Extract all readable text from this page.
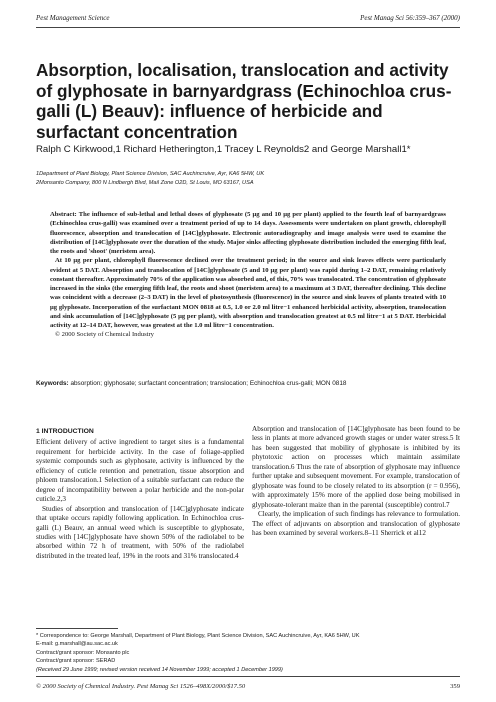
Pest Management Science	Pest Manag Sci 56:359–367 (2000)
Absorption, localisation, translocation and activity of glyphosate in barnyardgrass (Echinochloa crus-galli (L) Beauv): influence of herbicide and surfactant concentration
Ralph C Kirkwood,1 Richard Hetherington,1 Tracey L Reynolds2 and George Marshall1*
1Department of Plant Biology, Plant Science Division, SAC Auchincruive, Ayr, KA6 5HW, UK
2Monsanto Company, 800 N Lindbergh Blvd, Mail Zone O2D, St Louis, MO 63167, USA

Abstract: The influence of sub-lethal and lethal doses of glyphosate (5 μg and 10 μg per plant) applied to the fourth leaf of barnyardgrass (Echinochloa crus-galli) was examined over a treatment period of up to 14 days. Assessments were undertaken on plant growth, chlorophyll fluorescence, absorption and translocation of [14C]glyphosate. Electronic autoradiography and image analysis were used to examine the distribution of [14C]glyphosate over the duration of the study. Major sinks affecting glyphosate distribution included the emerging fifth leaf, the roots and 'shoot' (meristem area).

At 10 μg per plant, chlorophyll fluorescence declined over the treatment period; in the source and sink leaves effects were particularly evident at 5 DAT. Absorption and translocation of [14C]glyphosate (5 and 10 μg per plant) was rapid during 1–2 DAT, remaining relatively constant thereafter. Approximately 70% of the application was absorbed and, of this, 70% was translocated. The concentration of glyphosate increased in the sinks (the emerging fifth leaf, the roots and shoot (meristem area) to a maximum at 3 DAT, thereafter declining. This decline was coincident with a decrease (2–3 DAT) in the level of photosynthesis (fluorescence) in the source and sink leaves of plants treated with 10 μg glyphosate. Incorporation of the surfactant MON 0818 at 0.5, 1.0 or 2.0 ml litre−1 enhanced herbicidal activity, absorption, translocation and sink accumulation of [14C]glyphosate (5 μg per plant), with absorption and translocation greatest at 0.5 ml litre−1 at 5 DAT. Herbicidal activity at 12–14 DAT, however, was greatest at the 1.0 ml litre−1 concentration.

© 2000 Society of Chemical Industry

Keywords: absorption; glyphosate; surfactant concentration; translocation; Echinochloa crus-galli; MON 0818
1 INTRODUCTION

Efficient delivery of active ingredient to target sites is a fundamental requirement for herbicide activity. In the case of foliage-applied systemic compounds such as glyphosate, activity is influenced by the efficiency of cuticle retention and penetration, tissue absorption and phloem translocation.1 Selection of a suitable surfactant can reduce the degree of incompatibility between a polar herbicide and the non-polar cuticle.2,3

Studies of absorption and translocation of [14C]glyphosate indicate that uptake occurs rapidly following application. In Echinochloa crus-galli (L) Beauv, an annual weed which is susceptible to glyphosate, studies with [14C]glyphosate have shown 50% of the radiolabel to be absorbed within 72 h of treatment, with 50% of the radiolabel distributed in the treated leaf, 19% in the roots and 31% translocated.4

Absorption and translocation of [14C]glyphosate has been found to be less in plants at more advanced growth stages or under water stress.5 It has been suggested that mobility of glyphosate is inhibited by its phytotoxic action on processes which maintain assimilate translocation.6 Thus the rate of absorption of glyphosate may influence further uptake and subsequent movement. For example, translocation of glyphosate was found to be closely related to its absorption (r = 0.956), with approximately 15% more of the applied dose being mobilised in glyphosate-tolerant maize than in the parental (susceptible) control.7

Clearly, the implication of such findings has relevance to formulation. The effect of adjuvants on absorption and translocation of glyphosate has been examined by several workers.8–11 Sherrick et al12

* Correspondence to: George Marshall, Department of Plant Biology, Plant Science Division, SAC Auchincruive, Ayr, KA6 5HW, UK
E-mail: g.marshall@au.sac.ac.uk
Contract/grant sponsor: Monsanto plc
Contract/grant sponsor: SERAD
(Received 29 June 1999; revised version received 14 November 1999; accepted 1 December 1999)
© 2000 Society of Chemical Industry. Pest Manag Sci 1526–498X/2000/$17.50	359
